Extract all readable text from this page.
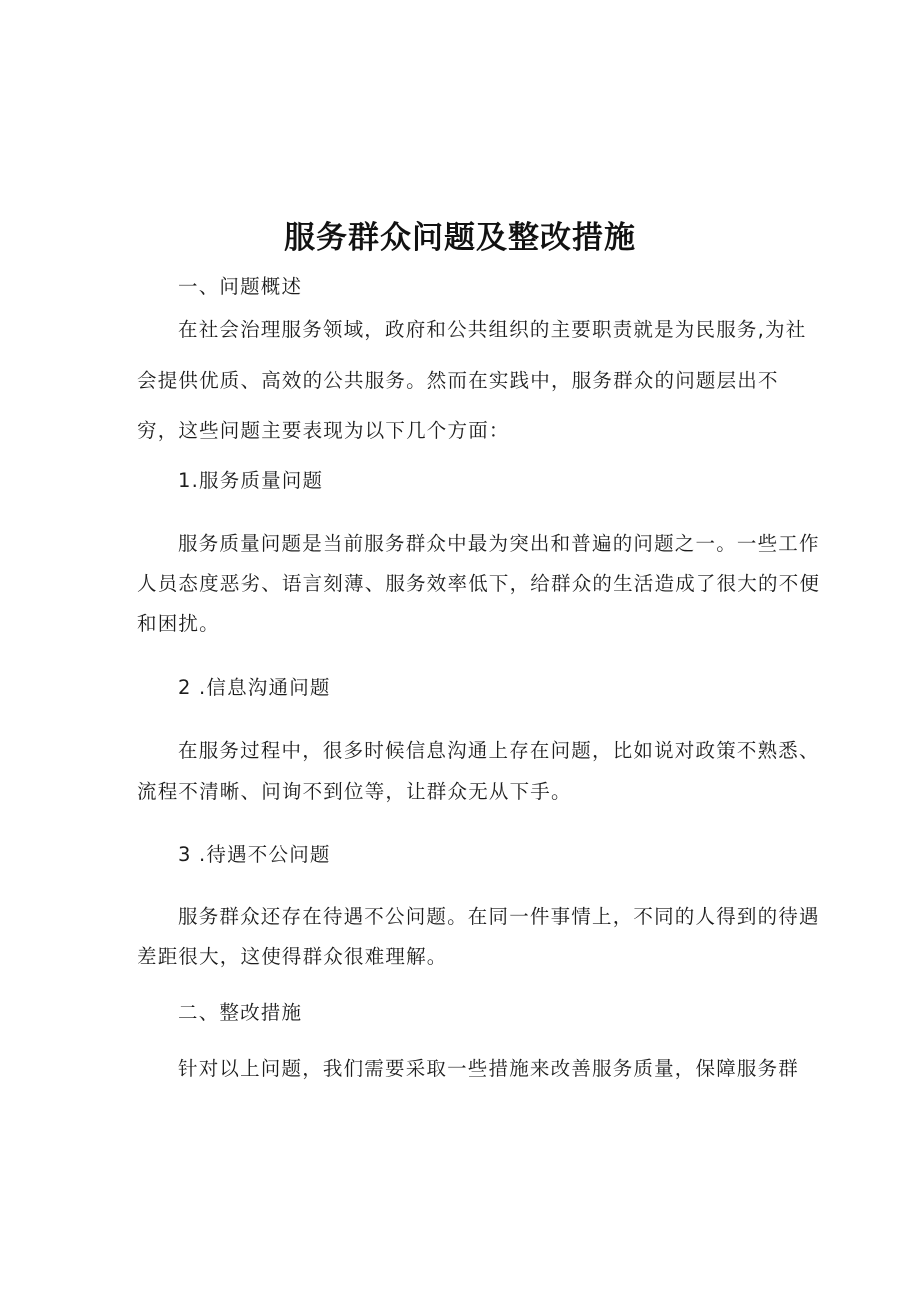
服务群众问题及整改措施
一、问题概述
在社会治理服务领域，政府和公共组织的主要职责就是为民服务,为社
会提供优质、高效的公共服务。然而在实践中，服务群众的问题层出不
穷，这些问题主要表现为以下几个方面：
1.服务质量问题
服务质量问题是当前服务群众中最为突出和普遍的问题之一。一些工作
人员态度恶劣、语言刻薄、服务效率低下，给群众的生活造成了很大的不便
和困扰。
2 .信息沟通问题
在服务过程中，很多时候信息沟通上存在问题，比如说对政策不熟悉、
流程不清晰、问询不到位等，让群众无从下手。
3 .待遇不公问题
服务群众还存在待遇不公问题。在同一件事情上，不同的人得到的待遇
差距很大，这使得群众很难理解。
二、整改措施
针对以上问题，我们需要采取一些措施来改善服务质量，保障服务群
